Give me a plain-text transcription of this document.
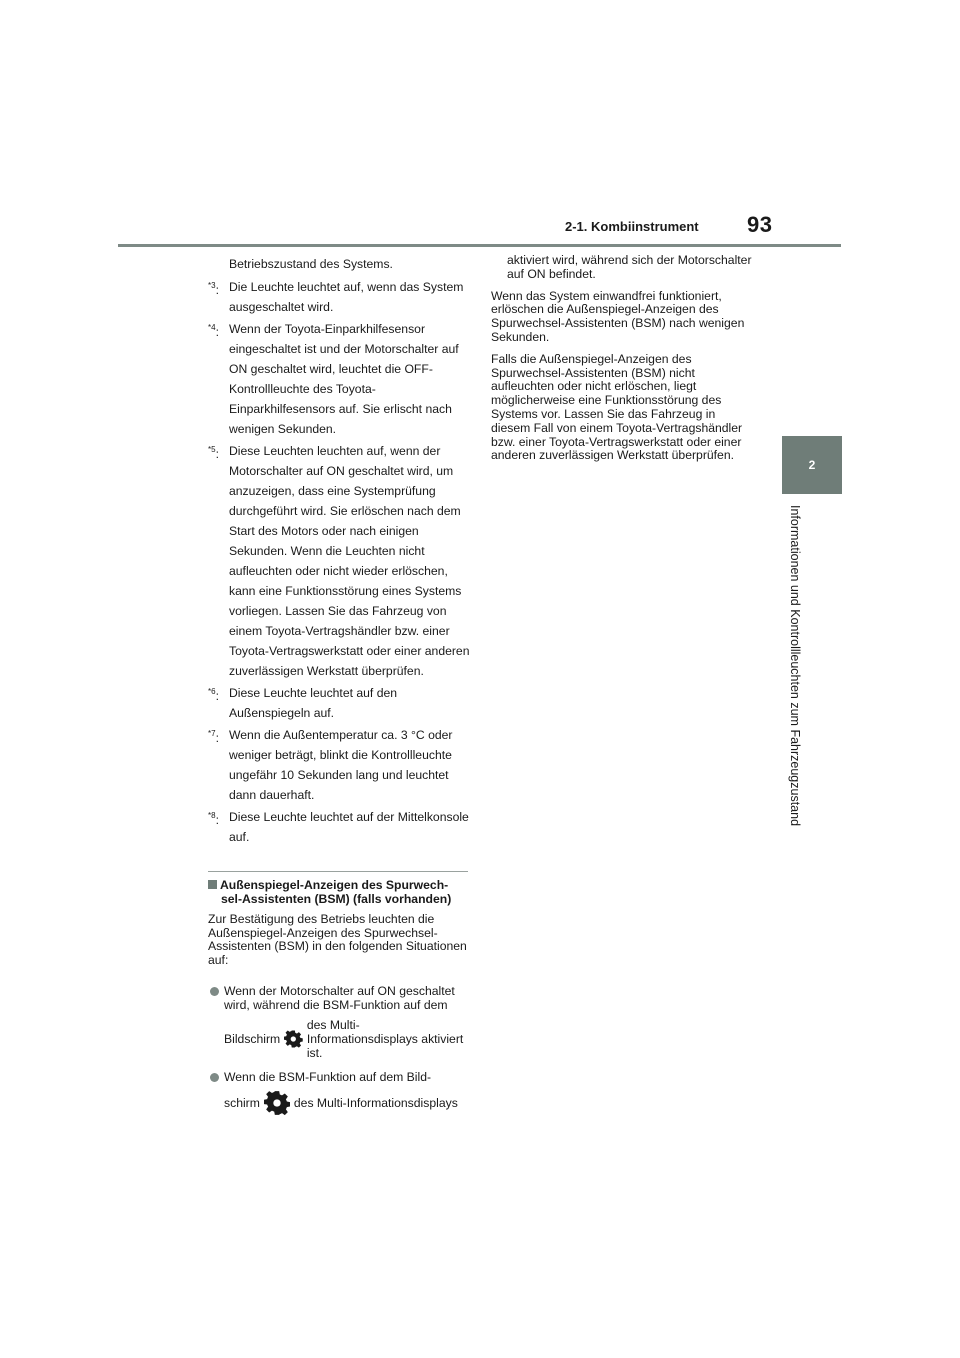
2-1. Kombiinstrument 93
2
Informationen und Kontrollleuchten zum Fahrzeugzustand
Betriebszustand des Systems.
$^{*3}$: Die Leuchte leuchtet auf, wenn das System ausgeschaltet wird.
$^{*4}$: Wenn der Toyota-Einparkhilfesensor eingeschaltet ist und der Motorschalter auf ON geschaltet wird, leuchtet die OFF-Kontrollleuchte des Toyota-Einparkhilfesensors auf. Sie erlischt nach wenigen Sekunden.
$^{*5}$: Diese Leuchten leuchten auf, wenn der Motorschalter auf ON geschaltet wird, um anzuzeigen, dass eine Systemprüfung durchgeführt wird. Sie erlöschen nach dem Start des Motors oder nach einigen Sekunden. Wenn die Leuchten nicht aufleuchten oder nicht wieder erlöschen, kann eine Funktionsstörung eines Systems vorliegen. Lassen Sie das Fahrzeug von einem Toyota-Vertragshändler bzw. einer Toyota-Vertragswerkstatt oder einer anderen zuverlässigen Werkstatt überprüfen.
$^{*6}$: Diese Leuchte leuchtet auf den Außenspiegeln auf.
$^{*7}$: Wenn die Außentemperatur ca. 3 °C oder weniger beträgt, blinkt die Kontrollleuchte ungefähr 10 Sekunden lang und leuchtet dann dauerhaft.
$^{*8}$: Diese Leuchte leuchtet auf der Mittelkonsole auf.
Außenspiegel-Anzeigen des Spurwech-
sel-Assistenten (BSM) (falls vorhanden)

Zur Bestätigung des Betriebs leuchten die Außenspiegel-Anzeigen des Spurwechsel-Assistenten (BSM) in den folgenden Situationen auf:

Wenn der Motorschalter auf ON geschaltet wird, während die BSM-Funktion auf dem
Bildschirm
des Multi-Informationsdisplays aktiviert ist.
Wenn die BSM-Funktion auf dem Bild-
schirm	des Multi-Informationsdisplays

aktiviert wird, während sich der Motorschalter auf ON befindet.

Wenn das System einwandfrei funktioniert, erlöschen die Außenspiegel-Anzeigen des Spurwechsel-Assistenten (BSM) nach wenigen Sekunden.

Falls die Außenspiegel-Anzeigen des Spurwechsel-Assistenten (BSM) nicht aufleuchten oder nicht erlöschen, liegt möglicherweise eine Funktionsstörung des Systems vor. Lassen Sie das Fahrzeug in diesem Fall von einem Toyota-Vertragshändler bzw. einer Toyota-Vertragswerkstatt oder einer anderen zuverlässigen Werkstatt überprüfen.
